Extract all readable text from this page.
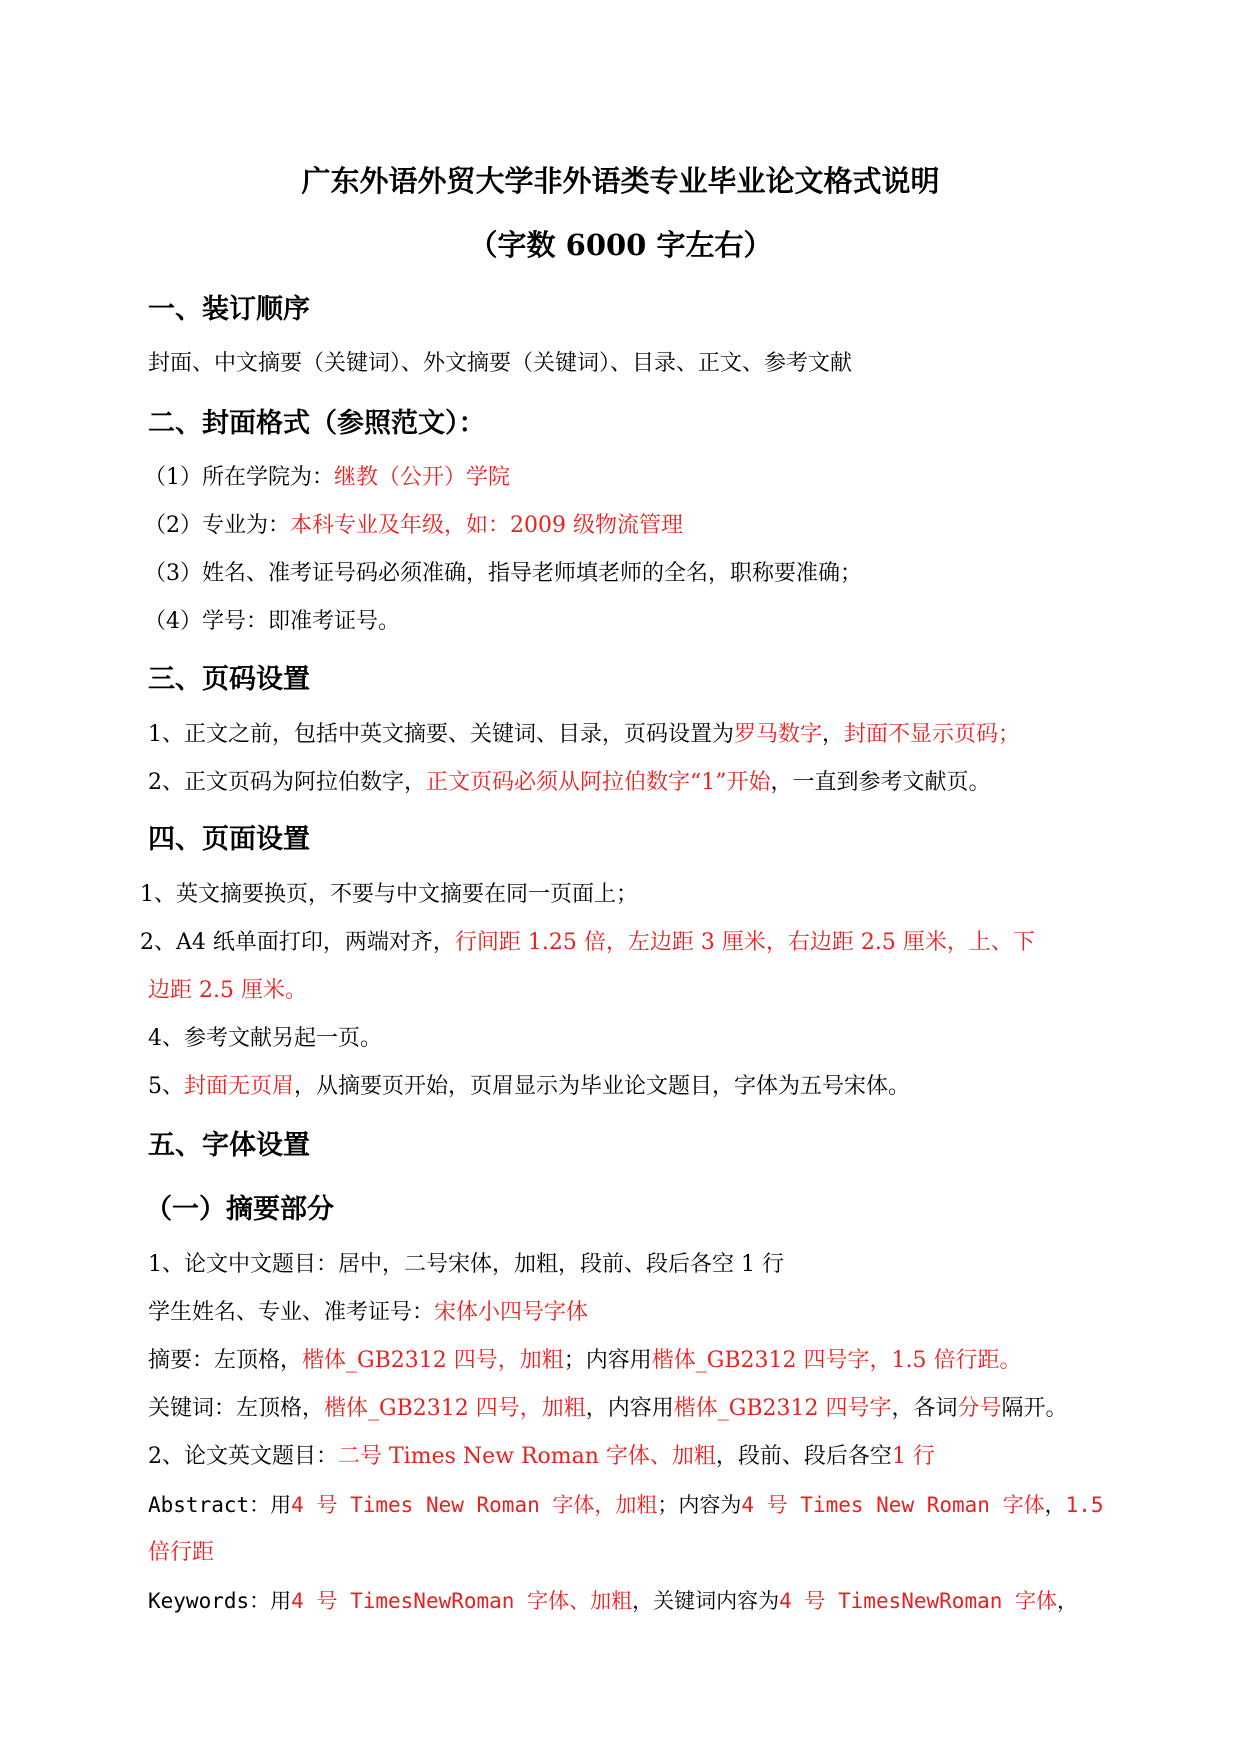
广东外语外贸大学非外语类专业毕业论文格式说明
（字数 6000 字左右）
一、装订顺序
封面、中文摘要（关键词）、外文摘要（关键词）、目录、正文、参考文献
二、封面格式（参照范文）：
（1）所在学院为：继教（公开）学院
（2）专业为：本科专业及年级，如：2009 级物流管理
（3）姓名、准考证号码必须准确，指导老师填老师的全名，职称要准确；
（4）学号：即准考证号。
三、页码设置
1、正文之前，包括中英文摘要、关键词、目录，页码设置为罗马数字，封面不显示页码；
2、正文页码为阿拉伯数字，正文页码必须从阿拉伯数字“1”开始，一直到参考文献页。
四、页面设置
1、英文摘要换页，不要与中文摘要在同一页面上；
2、A4 纸单面打印，两端对齐，行间距 1.25 倍，左边距 3 厘米，右边距 2.5 厘米，上、下
边距 2.5 厘米。
4、参考文献另起一页。
5、封面无页眉，从摘要页开始，页眉显示为毕业论文题目，字体为五号宋体。
五、字体设置
（一）摘要部分
1、论文中文题目：居中，二号宋体，加粗，段前、段后各空 1 行
学生姓名、专业、准考证号：宋体小四号字体
摘要：左顶格，楷体_GB2312 四号，加粗；内容用楷体_GB2312 四号字，1.5 倍行距。
关键词：左顶格，楷体_GB2312 四号，加粗，内容用楷体_GB2312 四号字，各词分号隔开。
2、论文英文题目：二号 Times New Roman 字体、加粗，段前、段后各空1 行
Abstract：用4 号 Times New Roman 字体，加粗；内容为4 号 Times New Roman 字体，1.5
倍行距
Keywords：用4 号 TimesNewRoman 字体、加粗，关键词内容为4 号 TimesNewRoman 字体，
